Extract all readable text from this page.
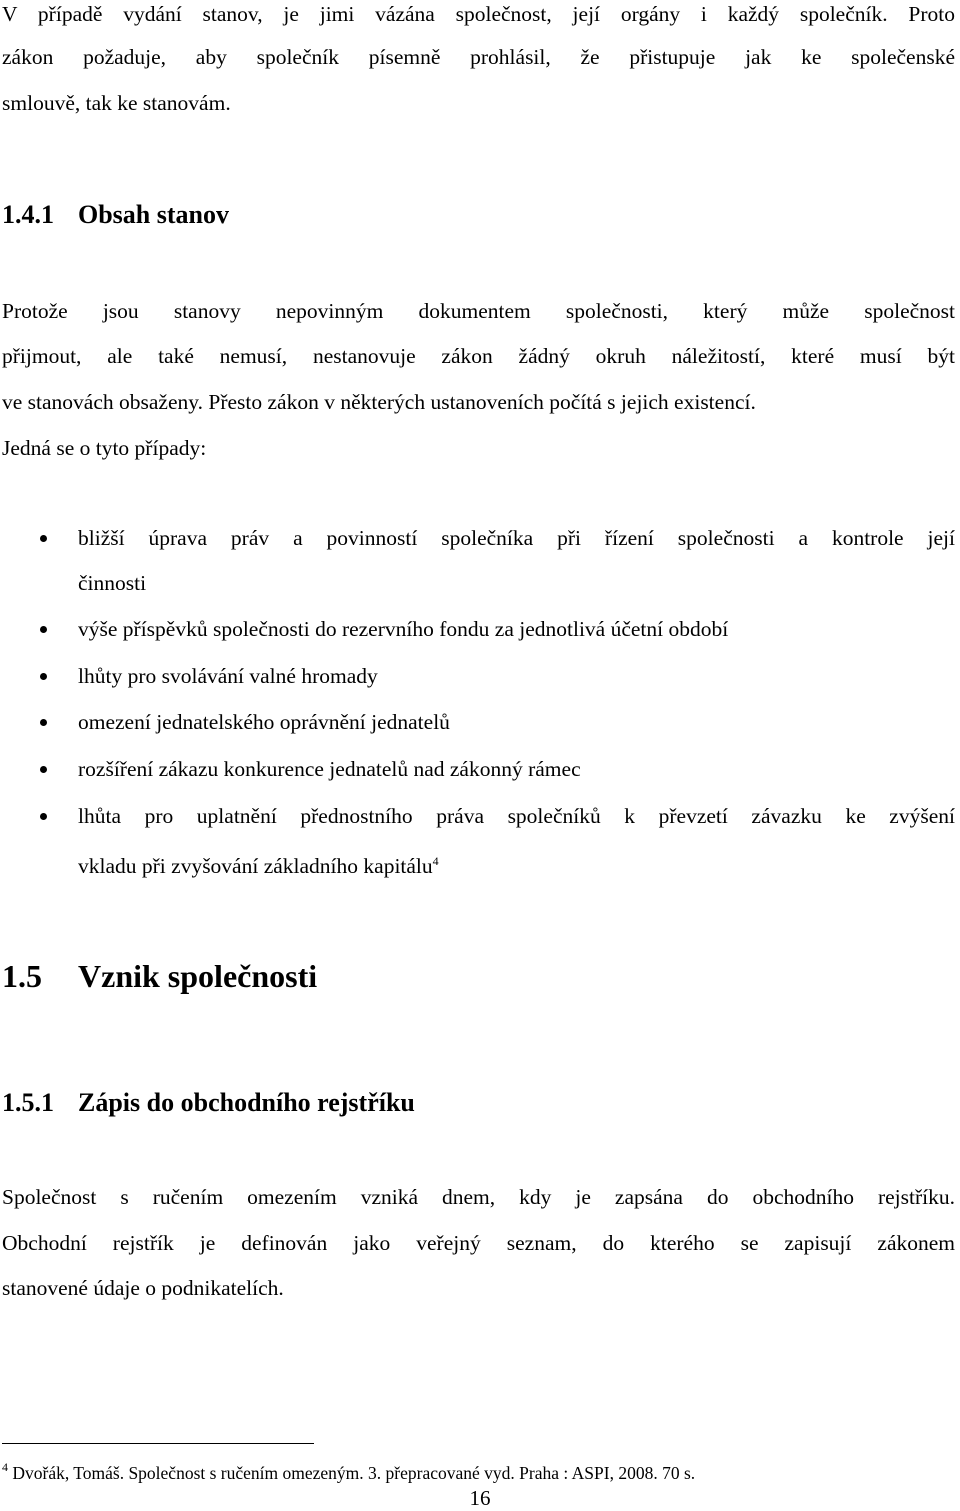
V případě vydání stanov, je jimi vázána společnost, její orgány i každý společník. Proto
zákon požaduje, aby společník písemně prohlásil, že přistupuje jak ke společenské
smlouvě, tak ke stanovám.
1.4.1 Obsah stanov
Protože jsou stanovy nepovinným dokumentem společnosti, který může společnost
přijmout, ale také nemusí, nestanovuje zákon žádný okruh náležitostí, které musí být
ve stanovách obsaženy. Přesto zákon v některých ustanoveních počítá s jejich existencí.
Jedná se o tyto případy:
bližší úprava práv a povinností společníka při řízení společnosti a kontrole její
činnosti
výše příspěvků společnosti do rezervního fondu za jednotlivá účetní období
lhůty pro svolávání valné hromady
omezení jednatelského oprávnění jednatelů
rozšíření zákazu konkurence jednatelů nad zákonný rámec
lhůta pro uplatnění přednostního práva společníků k převzetí závazku ke zvýšení
vkladu při zvyšování základního kapitálu$^4$
1.5 Vznik společnosti
1.5.1 Zápis do obchodního rejstříku
Společnost s ručením omezením vzniká dnem, kdy je zapsána do obchodního rejstříku.
Obchodní rejstřík je definován jako veřejný seznam, do kterého se zapisují zákonem
stanovené údaje o podnikatelích.
$^4$ Dvořák, Tomáš. Společnost s ručením omezeným. 3. přepracované vyd. Praha : ASPI, 2008. 70 s.
16
